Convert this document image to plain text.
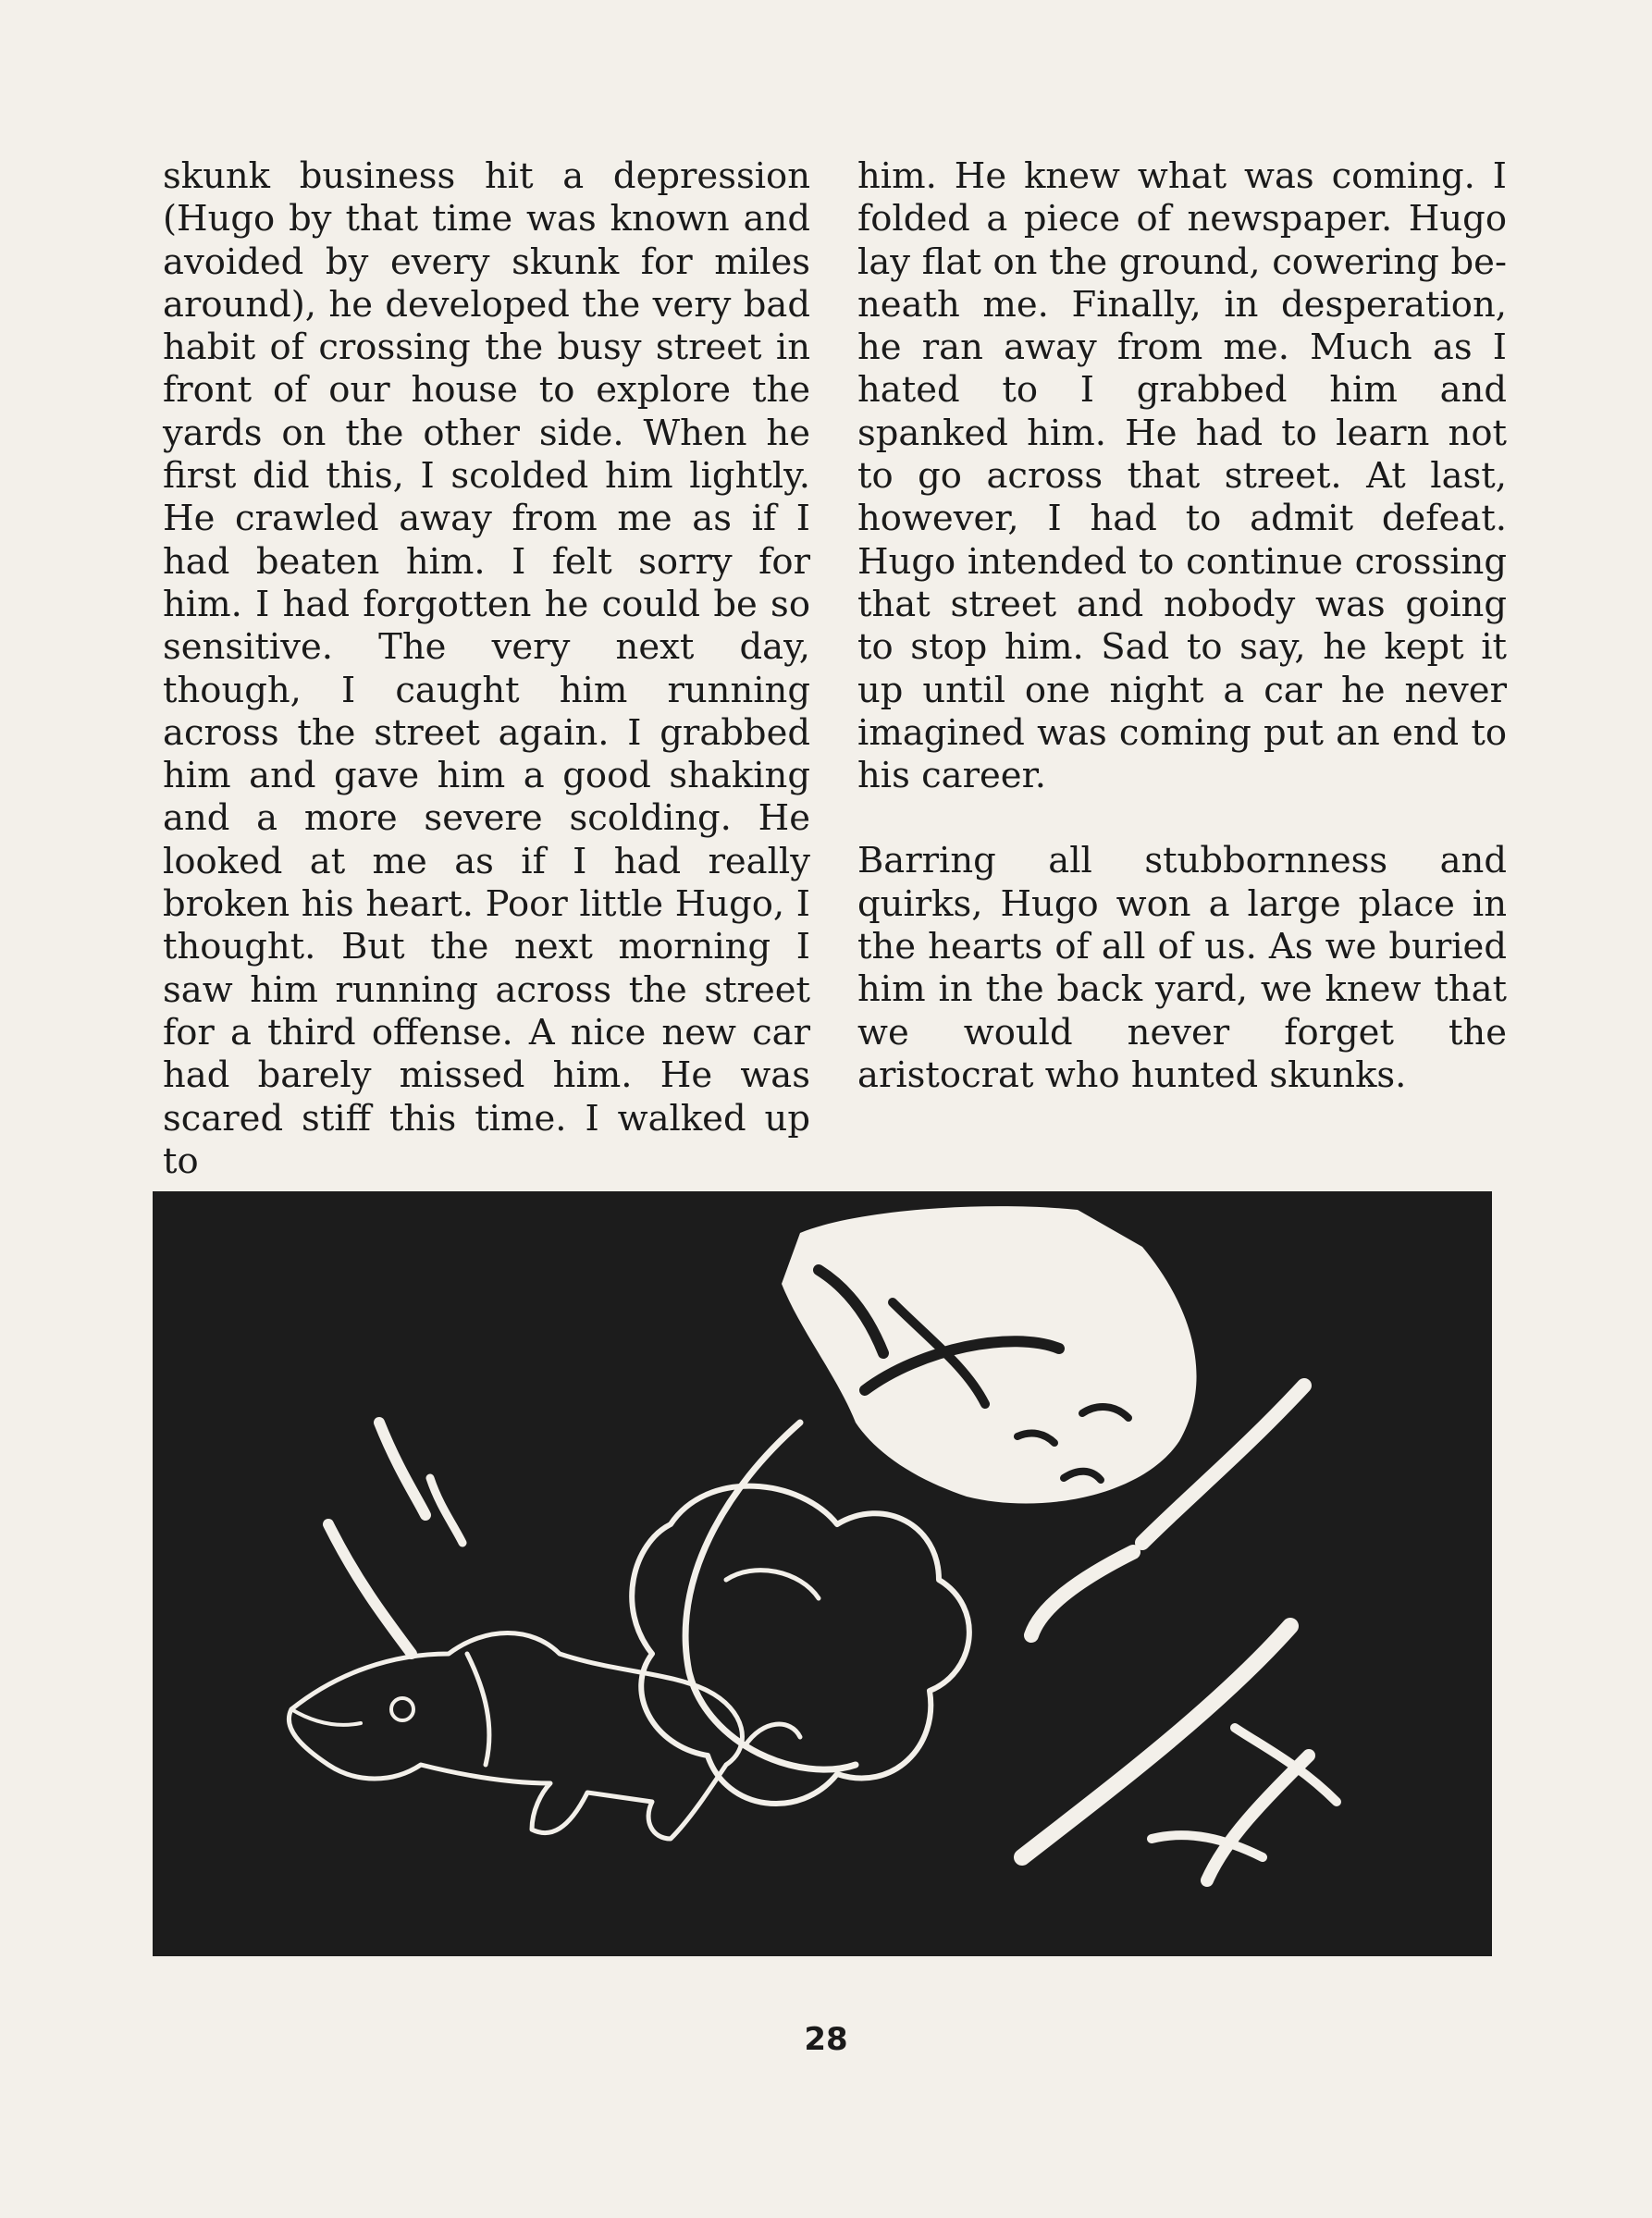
skunk business hit a depression (Hugo by that time was known and avoided by every skunk for miles around), he developed the very bad habit of crossing the busy street in front of our house to explore the yards on the other side. When he first did this, I scolded him lightly. He crawled away from me as if I had beaten him. I felt sorry for him. I had forgotten he could be so sensitive. The very next day, though, I caught him running across the street again. I grabbed him and gave him a good shaking and a more severe scolding. He looked at me as if I had really broken his heart. Poor little Hugo, I thought. But the next morning I saw him running across the street for a third offense. A nice new car had barely missed him. He was scared stiff this time. I walked up to

him. He knew what was coming. I folded a piece of newspaper. Hugo lay flat on the ground, cowering beneath me. Finally, in desperation, he ran away from me. Much as I hated to I grabbed him and spanked him. He had to learn not to go across that street. At last, however, I had to admit defeat. Hugo intended to continue crossing that street and nobody was going to stop him. Sad to say, he kept it up until one night a car he never imagined was coming put an end to his career.

Barring all stubbornness and quirks, Hugo won a large place in the hearts of all of us. As we buried him in the back yard, we knew that we would never forget the aristocrat who hunted skunks.

28
